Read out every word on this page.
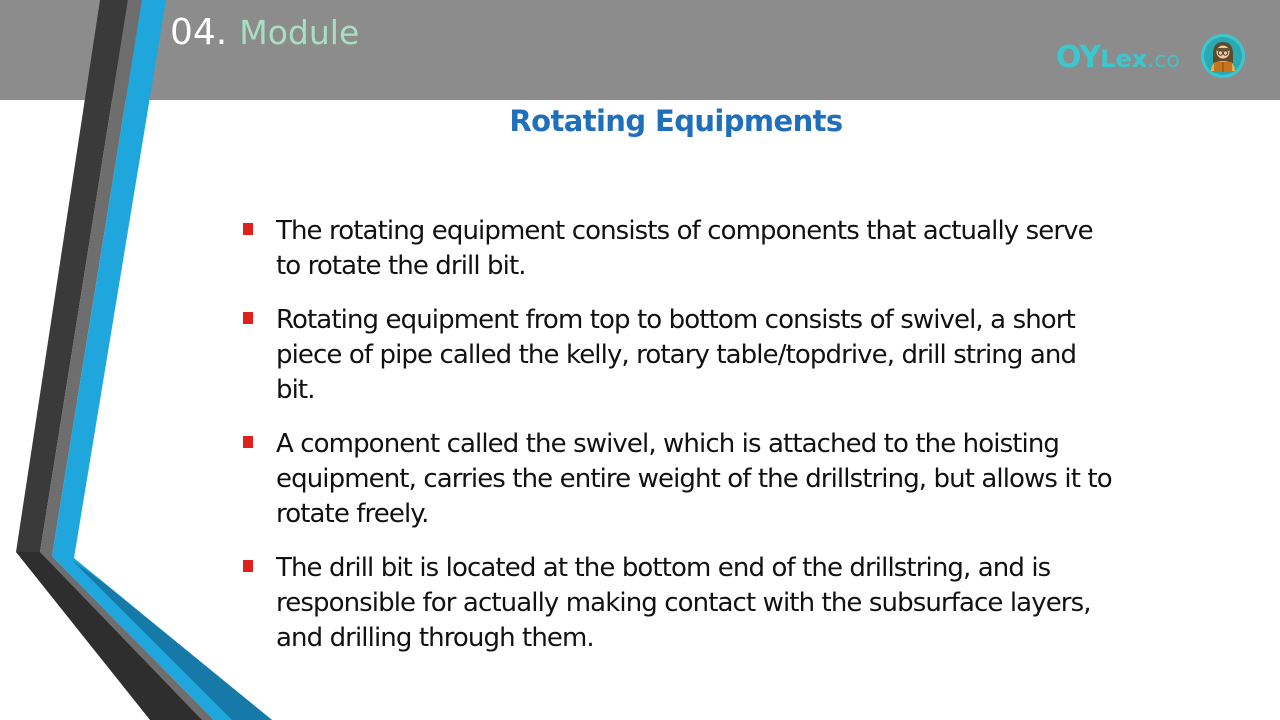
04. Module
OY Lex .co
Rotating Equipments
The rotating equipment consists of components that actually serve to rotate the drill bit.
Rotating equipment from top to bottom consists of swivel, a short piece of pipe called the kelly, rotary table/topdrive, drill string and bit.
A component called the swivel, which is attached to the hoisting equipment, carries the entire weight of the drillstring, but allows it to rotate freely.
The drill bit is located at the bottom end of the drillstring, and is responsible for actually making contact with the subsurface layers, and drilling through them.
